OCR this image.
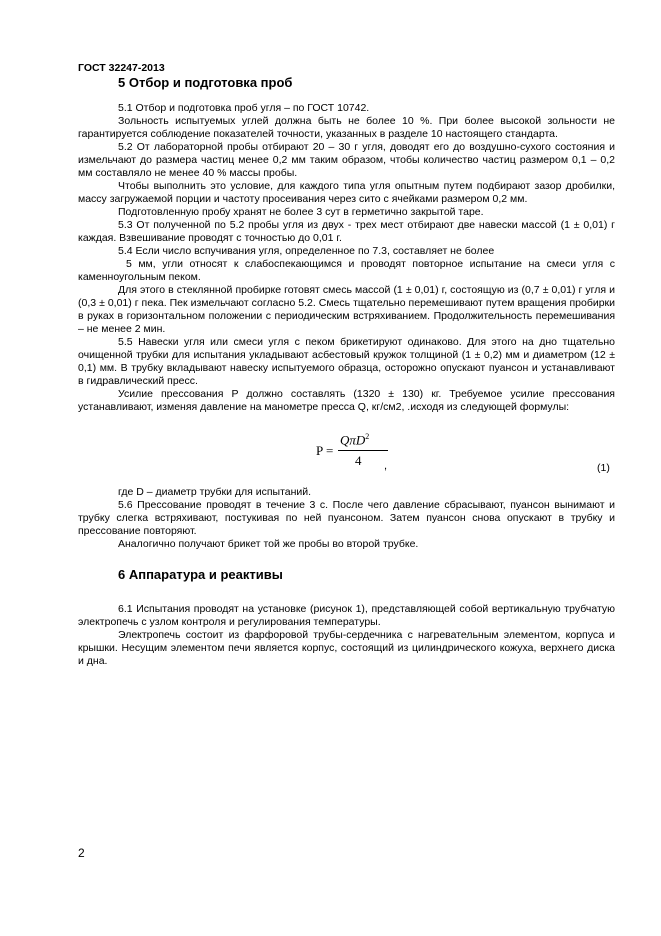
ГОСТ 32247-2013
5 Отбор и подготовка проб
5.1 Отбор и подготовка проб угля – по ГОСТ 10742.
Зольность испытуемых углей должна быть не более 10 %. При более высокой зольности не гарантируется соблюдение показателей точности, указанных в разделе 10 настоящего стандарта.
5.2 От лабораторной пробы отбирают 20 – 30 г угля, доводят его до воздушно-сухого состояния и измельчают до размера частиц менее 0,2 мм таким образом, чтобы количество частиц размером 0,1 – 0,2 мм составляло не менее 40 % массы пробы.
Чтобы выполнить это условие, для каждого типа угля опытным путем подбирают зазор дробилки, массу загружаемой порции и частоту просеивания через сито с ячейками размером 0,2 мм.
Подготовленную пробу хранят не более 3 сут в герметично закрытой таре.
5.3 От полученной по 5.2 пробы угля из двух - трех мест отбирают две навески массой (1 ± 0,01) г каждая. Взвешивание проводят с точностью до 0,01 г.
5.4 Если число вспучивания угля, определенное по 7.3, составляет не более
5 мм, угли относят к слабоспекающимся и проводят повторное испытание на смеси угля с каменноугольным пеком.
Для этого в стеклянной пробирке готовят смесь массой (1 ± 0,01) г, состоящую из (0,7 ± 0,01) г угля и (0,3 ± 0,01) г пека. Пек измельчают согласно 5.2. Смесь тщательно перемешивают путем вращения пробирки в руках в горизонтальном положении с периодическим встряхиванием. Продолжительность перемешивания – не менее 2 мин.
5.5 Навески угля или смеси угля с пеком брикетируют одинаково. Для этого на дно тщательно очищенной трубки для испытания укладывают асбестовый кружок толщиной (1 ± 0,2) мм и диаметром (12 ± 0,1) мм. В трубку вкладывают навеску испытуемого образца, осторожно опускают пуансон и устанавливают в гидравлический пресс.
Усилие прессования P должно составлять (1320 ± 130) кг. Требуемое усилие прессования устанавливают, изменяя давление на манометре пресса Q, кг/см2, .исходя из следующей формулы:
P =
QπD$^2$
4 ,	(1)
где D – диаметр трубки для испытаний.
5.6 Прессование проводят в течение 3 с. После чего давление сбрасывают, пуансон вынимают и трубку слегка встряхивают, постукивая по ней пуансоном. Затем пуансон снова опускают в трубку и прессование повторяют.
Аналогично получают брикет той же пробы во второй трубке.
6 Аппаратура и реактивы
6.1 Испытания проводят на установке (рисунок 1), представляющей собой вертикальную трубчатую электропечь с узлом контроля и регулирования температуры.
Электропечь состоит из фарфоровой трубы-сердечника с нагревательным элементом, корпуса и крышки. Несущим элементом печи является корпус, состоящий из цилиндрического кожуха, верхнего диска и дна.
2
